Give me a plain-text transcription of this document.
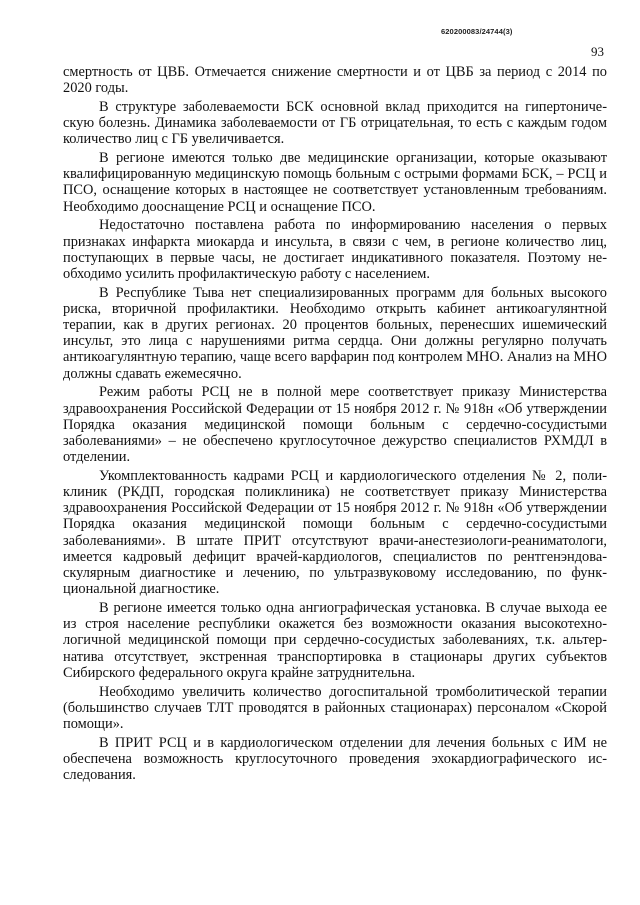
620200083/24744(3)
93

смертность от ЦВБ. Отмечается снижение смертности и от ЦВБ за период с 2014 по 2020 годы.

В структуре заболеваемости БСК основной вклад приходится на гипертоническую болезнь. Динамика заболеваемости от ГБ отрицательная, то есть с каждым годом количество лиц с ГБ увеличивается.

В регионе имеются только две медицинские организации, которые оказывают квалифицированную медицинскую помощь больным с острыми формами БСК, – РСЦ и ПСО, оснащение которых в настоящее не соответствует установленным требованиям. Необходимо дооснащение РСЦ и оснащение ПСО.

Недостаточно поставлена работа по информированию населения о первых признаках инфаркта миокарда и инсульта, в связи с чем, в регионе количество лиц, поступающих в первые часы, не достигает индикативного показателя. Поэтому необходимо усилить профилактическую работу с населением.

В Республике Тыва нет специализированных программ для больных высокого риска, вторичной профилактики. Необходимо открыть кабинет антикоагулянтной терапии, как в других регионах. 20 процентов больных, перенесших ишемический инсульт, это лица с нарушениями ритма сердца. Они должны регулярно получать антикоагулянтную терапию, чаще всего варфарин под контролем МНО. Анализ на МНО должны сдавать ежемесячно.

Режим работы РСЦ не в полной мере соответствует приказу Министерства здравоохранения Российской Федерации от 15 ноября 2012 г. № 918н «Об утверждении Порядка оказания медицинской помощи больным с сердечно-сосудистыми заболеваниями» – не обеспечено круглосуточное дежурство специалистов РХМДЛ в отделении.

Укомплектованность кадрами РСЦ и кардиологического отделения № 2, поликлиник (РКДП, городская поликлиника) не соответствует приказу Министерства здравоохранения Российской Федерации от 15 ноября 2012 г. № 918н «Об утверждении Порядка оказания медицинской помощи больным с сердечно-сосудистыми заболеваниями». В штате ПРИТ отсутствуют врачи-анестезиологи-реаниматологи, имеется кадровый дефицит врачей-кардиологов, специалистов по рентгенэндоваскулярным диагностике и лечению, по ультразвуковому исследованию, по функциональной диагностике.

В регионе имеется только одна ангиографическая установка. В случае выхода ее из строя население республики окажется без возможности оказания высокотехнологичной медицинской помощи при сердечно-сосудистых заболеваниях, т.к. альтернатива отсутствует, экстренная транспортировка в стационары других субъектов Сибирского федерального округа крайне затруднительна.

Необходимо увеличить количество догоспитальной тромболитической терапии (большинство случаев ТЛТ проводятся в районных стационарах) персоналом «Скорой помощи».

В ПРИТ РСЦ и в кардиологическом отделении для лечения больных с ИМ не обеспечена возможность круглосуточного проведения эхокардиографического исследования.
